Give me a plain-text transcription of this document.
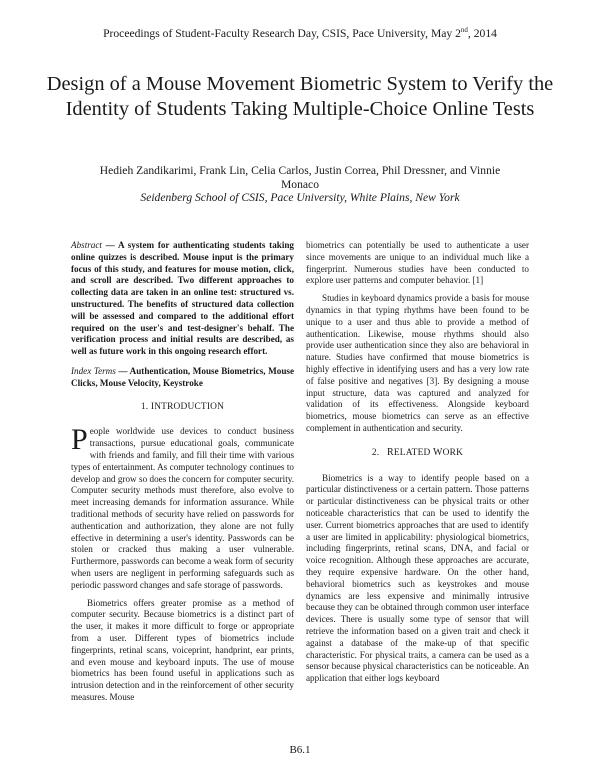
Proceedings of Student-Faculty Research Day, CSIS, Pace University, May 2nd, 2014
Design of a Mouse Movement Biometric System to Verify the Identity of Students Taking Multiple-Choice Online Tests
Hedieh Zandikarimi, Frank Lin, Celia Carlos, Justin Correa, Phil Dressner, and Vinnie Monaco
Seidenberg School of CSIS, Pace University, White Plains, New York

Abstract — A system for authenticating students taking online quizzes is described. Mouse input is the primary focus of this study, and features for mouse motion, click, and scroll are described. Two different approaches to collecting data are taken in an online test: structured vs. unstructured. The benefits of structured data collection will be assessed and compared to the additional effort required on the user's and test-designer's behalf. The verification process and initial results are described, as well as future work in this ongoing research effort.

Index Terms — Authentication, Mouse Biometrics, Mouse Clicks, Mouse Velocity, Keystroke

1. INTRODUCTION

People worldwide use devices to conduct business transactions, pursue educational goals, communicate with friends and family, and fill their time with various types of entertainment. As computer technology continues to develop and grow so does the concern for computer security. Computer security methods must therefore, also evolve to meet increasing demands for information assurance. While traditional methods of security have relied on passwords for authentication and authorization, they alone are not fully effective in determining a user's identity. Passwords can be stolen or cracked thus making a user vulnerable. Furthermore, passwords can become a weak form of security when users are negligent in performing safeguards such as periodic password changes and safe storage of passwords.

Biometrics offers greater promise as a method of computer security. Because biometrics is a distinct part of the user, it makes it more difficult to forge or appropriate from a user. Different types of biometrics include fingerprints, retinal scans, voiceprint, handprint, ear prints, and even mouse and keyboard inputs. The use of mouse biometrics has been found useful in applications such as intrusion detection and in the reinforcement of other security measures. Mouse

biometrics can potentially be used to authenticate a user since movements are unique to an individual much like a fingerprint. Numerous studies have been conducted to explore user patterns and computer behavior. [1]

Studies in keyboard dynamics provide a basis for mouse dynamics in that typing rhythms have been found to be unique to a user and thus able to provide a method of authentication. Likewise, mouse rhythms should also provide user authentication since they also are behavioral in nature. Studies have confirmed that mouse biometrics is highly effective in identifying users and has a very low rate of false positive and negatives [3]. By designing a mouse input structure, data was captured and analyzed for validation of its effectiveness. Alongside keyboard biometrics, mouse biometrics can serve as an effective complement in authentication and security.

2. RELATED WORK

Biometrics is a way to identify people based on a particular distinctiveness or a certain pattern. Those patterns or particular distinctiveness can be physical traits or other noticeable characteristics that can be used to identify the user. Current biometrics approaches that are used to identify a user are limited in applicability: physiological biometrics, including fingerprints, retinal scans, DNA, and facial or voice recognition. Although these approaches are accurate, they require expensive hardware. On the other hand, behavioral biometrics such as keystrokes and mouse dynamics are less expensive and minimally intrusive because they can be obtained through common user interface devices. There is usually some type of sensor that will retrieve the information based on a given trait and check it against a database of the make-up of that specific characteristic. For physical traits, a camera can be used as a sensor because physical characteristics can be noticeable. An application that either logs keyboard

B6.1
